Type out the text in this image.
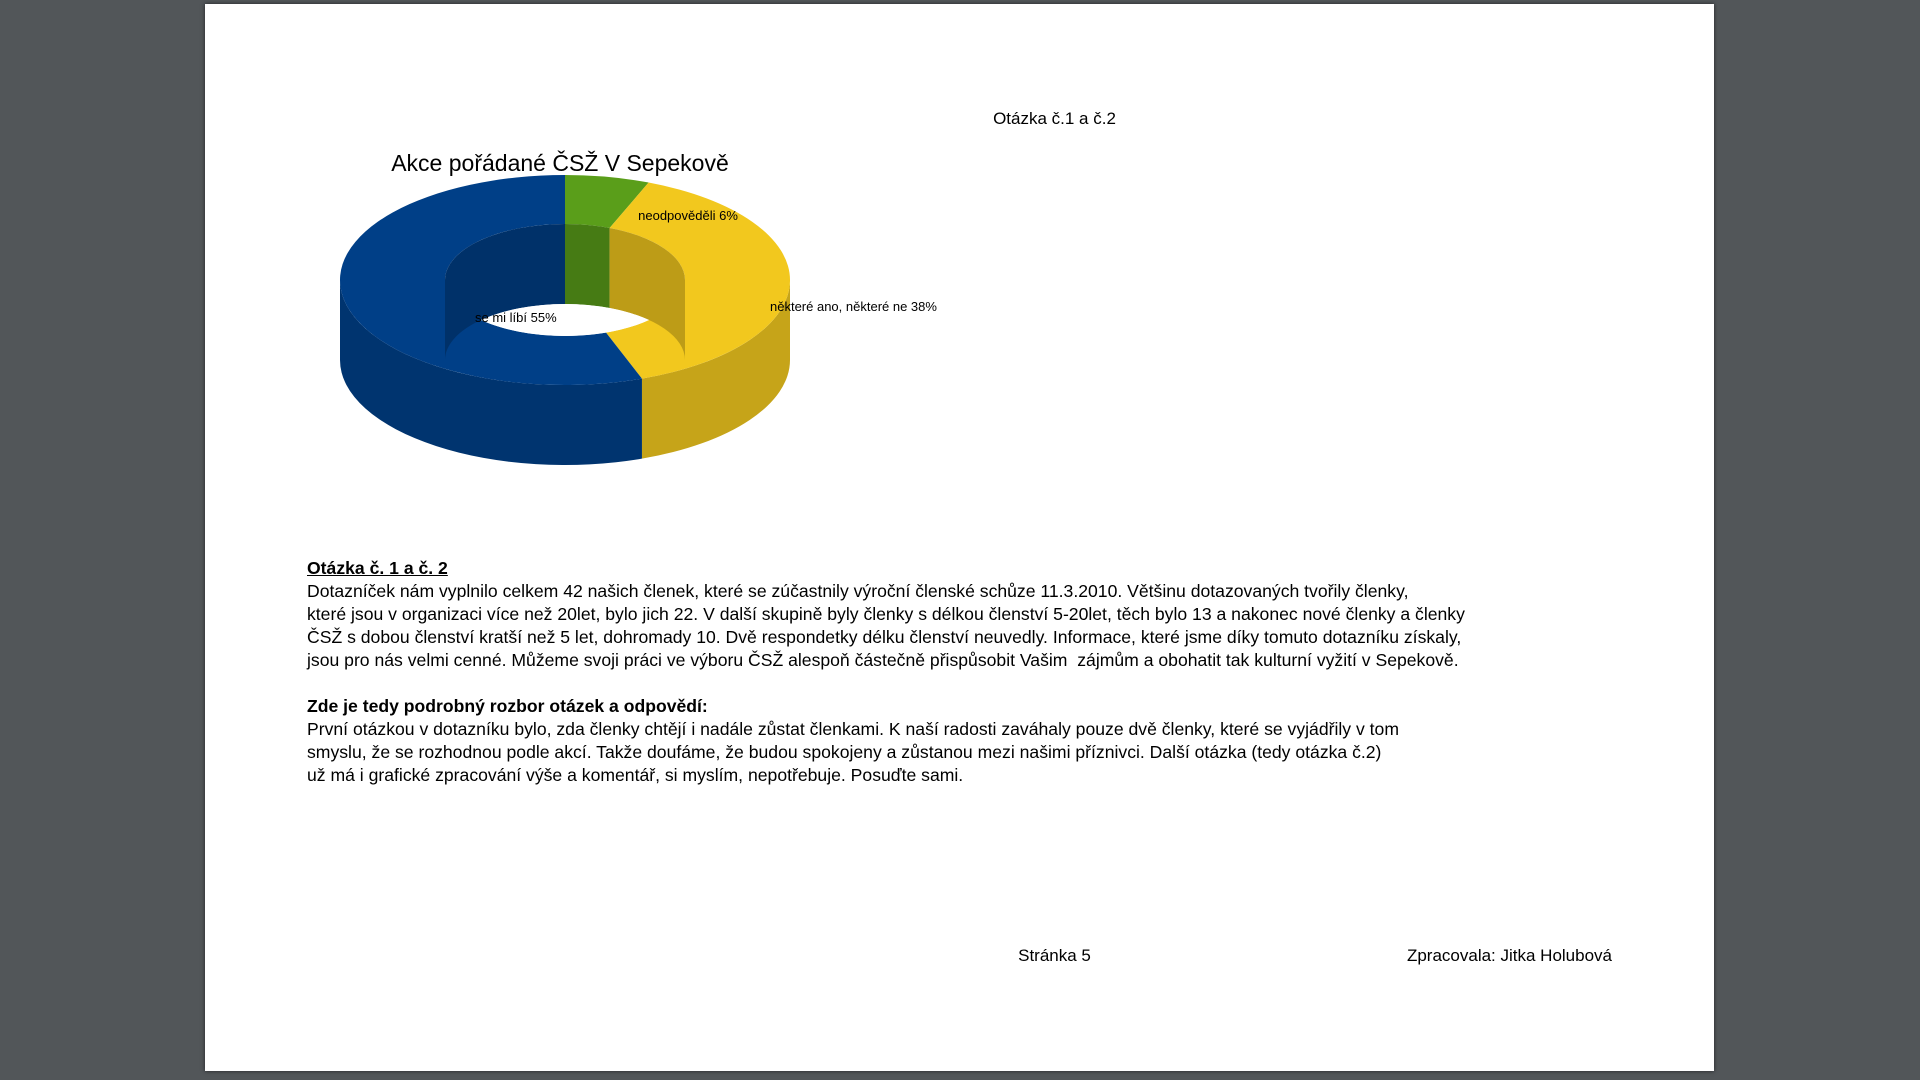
Otázka č.1 a č.2
neodpověděli 6%
některé ano, některé ne 38%
se mi líbí 55%
Akce pořádané ČSŽ V Sepekově

Otázka č. 1 a č. 2

Dotazníček nám vyplnilo celkem 42 našich členek, které se zúčastnily výroční členské schůze 11.3.2010. Většinu dotazovaných tvořily členky,

které jsou v organizaci více než 20let, bylo jich 22. V další skupině byly členky s délkou členství 5-20let, těch bylo 13 a nakonec nové členky a členky

ČSŽ s dobou členství kratší než 5 let, dohromady 10. Dvě respondetky délku členství neuvedly. Informace, které jsme díky tomuto dotazníku získaly,

jsou pro nás velmi cenné. Můžeme svoji práci ve výboru ČSŽ alespoň částečně přispůsobit Vašim  zájmům a obohatit tak kulturní vyžití v Sepekově.

Zde je tedy podrobný rozbor otázek a odpovědí:

První otázkou v dotazníku bylo, zda členky chtějí i nadále zůstat členkami. K naší radosti zaváhaly pouze dvě členky, které se vyjádřily v tom

smyslu, že se rozhodnou podle akcí. Takže doufáme, že budou spokojeny a zůstanou mezi našimi příznivci. Další otázka (tedy otázka č.2)

už má i grafické zpracování výše a komentář, si myslím, nepotřebuje. Posuďte sami.

Stránka 5	Zpracovala: Jitka Holubová
